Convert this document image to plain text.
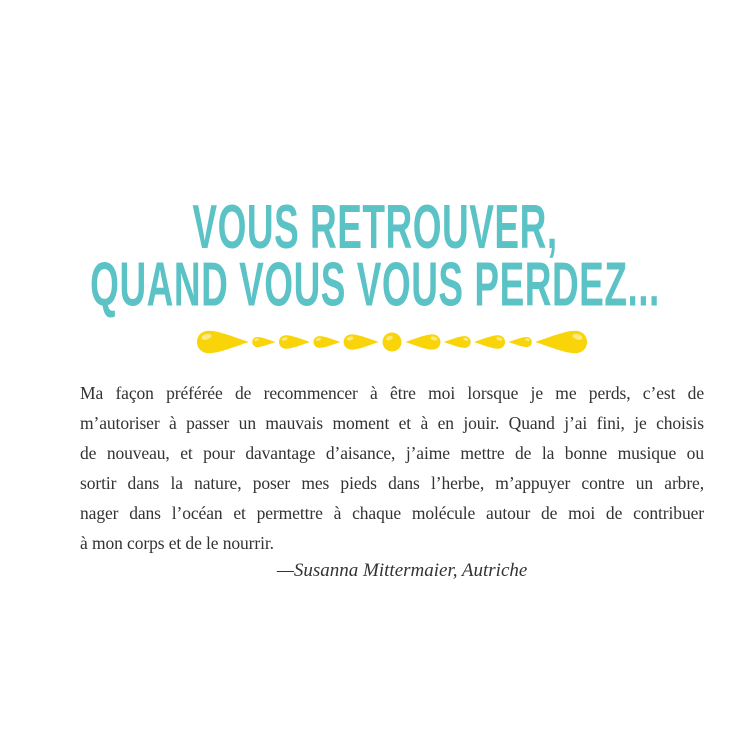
VOUS RETROUVER,
QUAND VOUS VOUS PERDEZ...
Ma façon préférée de recommencer à être moi lorsque je me perds, c’est de
m’autoriser à passer un mauvais moment et à en jouir. Quand j’ai fini, je choisis
de nouveau, et pour davantage d’aisance, j’aime mettre de la bonne musique ou
sortir dans la nature, poser mes pieds dans l’herbe, m’appuyer contre un arbre,
nager dans l’océan et permettre à chaque molécule autour de moi de contribuer
à mon corps et de le nourrir.
—Susanna Mittermaier, Autriche
